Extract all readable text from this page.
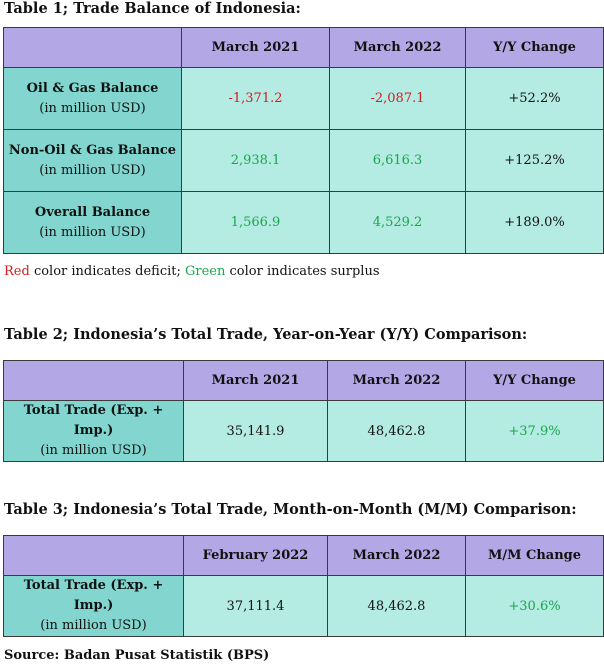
Table 1; Trade Balance of Indonesia:
	March 2021	March 2022	Y/Y Change

Oil & Gas Balance
(in million USD)	-1,371.2	-2,087.1	+52.2%

Non-Oil & Gas Balance
(in million USD)	2,938.1	6,616.3	+125.2%

Overall Balance
(in million USD)	1,566.9	4,529.2	+189.0%
Red color indicates deficit; Green color indicates surplus
Table 2; Indonesia’s Total Trade, Year-on-Year (Y/Y) Comparison:
	March 2021	March 2022	Y/Y Change

Total Trade (Exp. + Imp.)
(in million USD)	35,141.9	48,462.8	+37.9%
Table 3; Indonesia’s Total Trade, Month-on-Month (M/M) Comparison:
	February 2022	March 2022	M/M Change

Total Trade (Exp. + Imp.)
(in million USD)	37,111.4	48,462.8	+30.6%
Source: Badan Pusat Statistik (BPS)
